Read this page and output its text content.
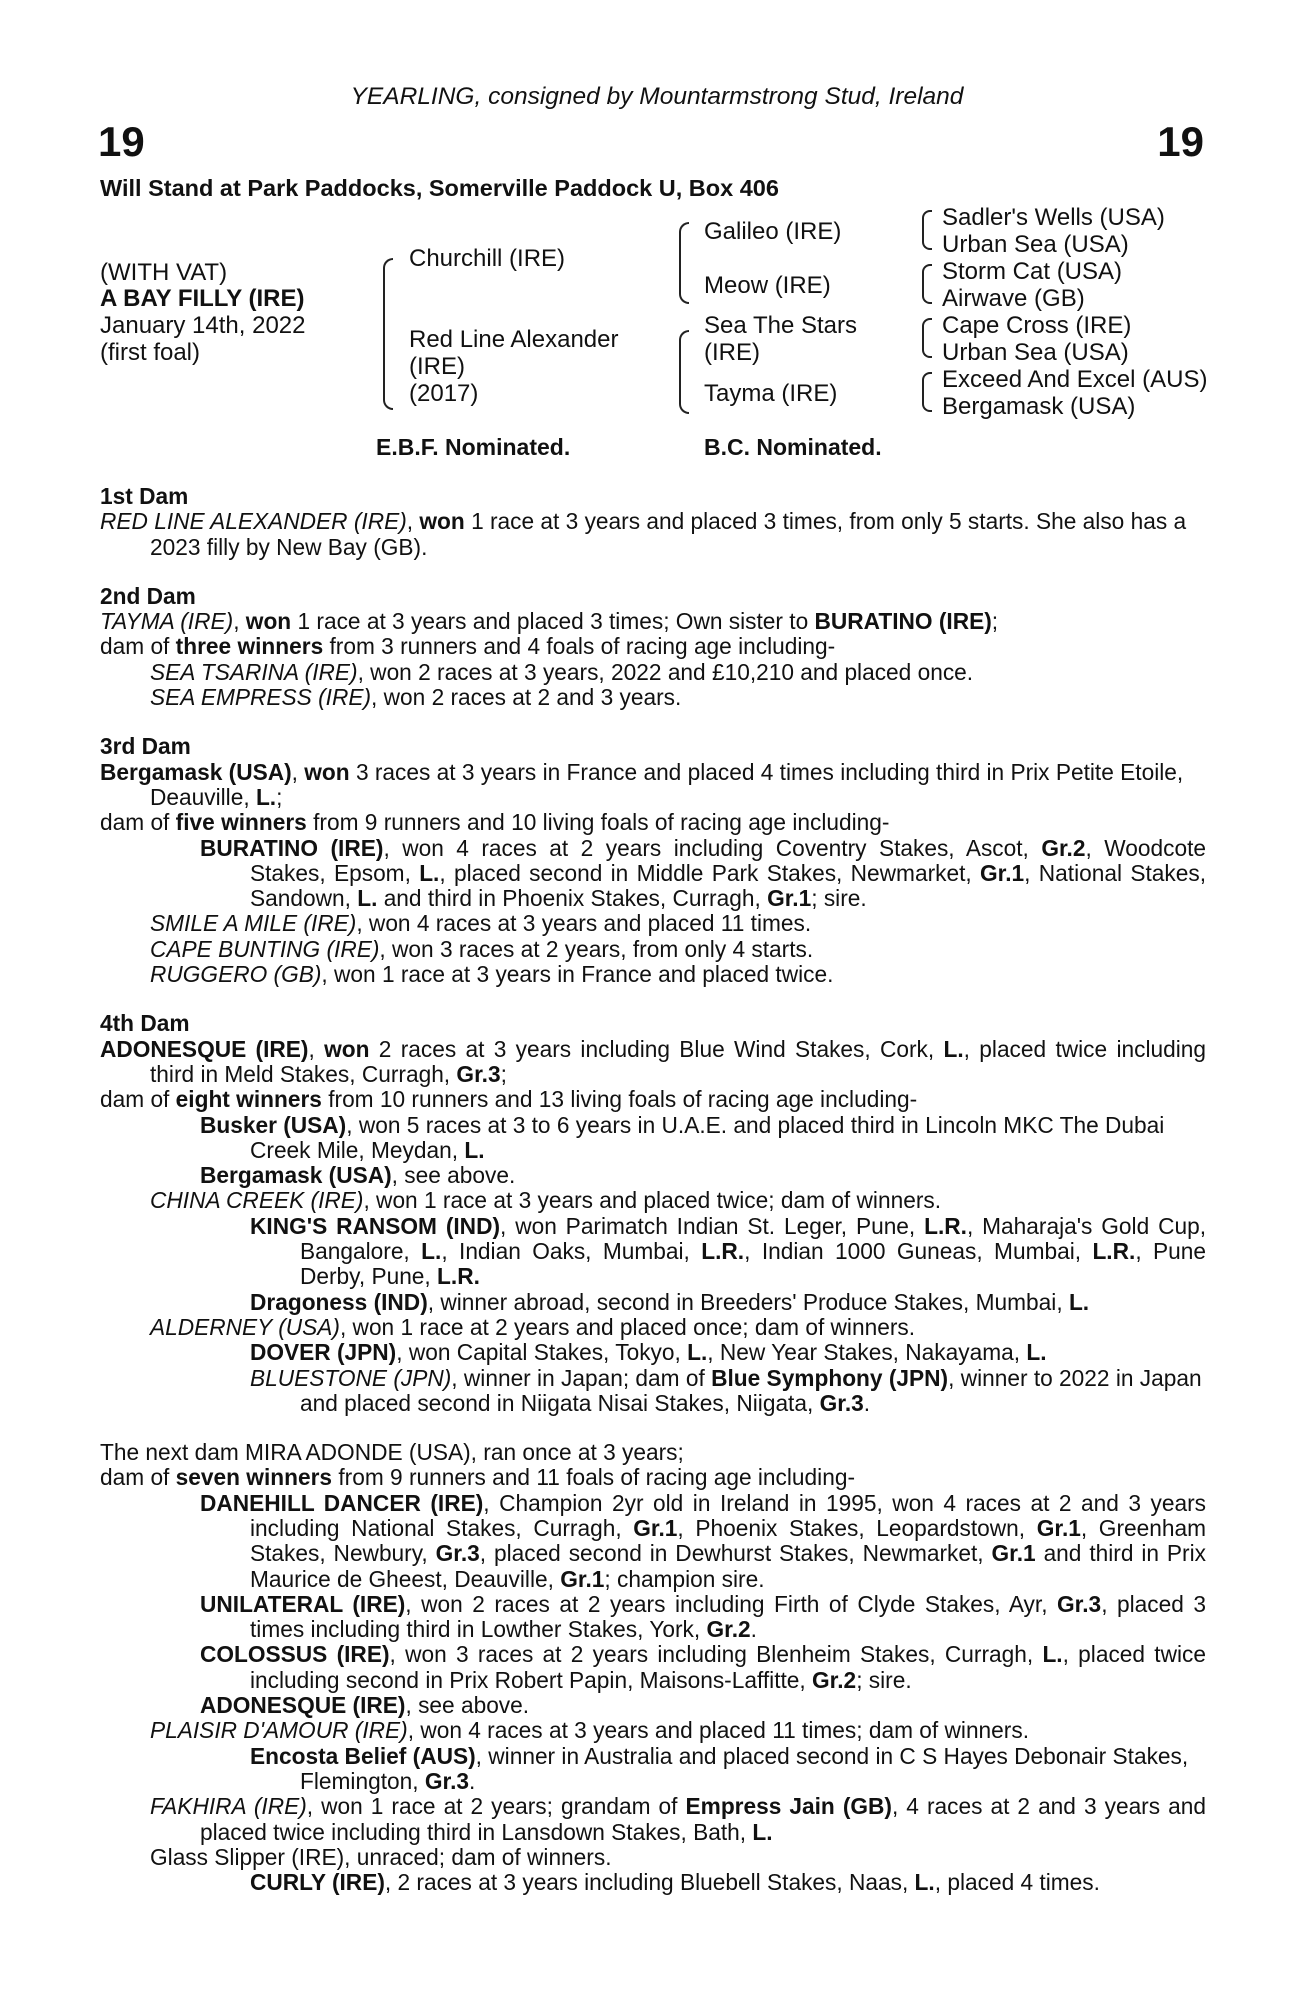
YEARLING, consigned by Mountarmstrong Stud, Ireland
19	19
Will Stand at Park Paddocks, Somerville Paddock U, Box 406
(WITH VAT)
A BAY FILLY (IRE)
January 14th, 2022
(first foal)
Churchill (IRE)
Red Line Alexander
(IRE)
(2017)
Galileo (IRE)
Meow (IRE)
Sea The Stars
(IRE)
Tayma (IRE)
Sadler's Wells (USA)
Urban Sea (USA)
Storm Cat (USA)
Airwave (GB)
Cape Cross (IRE)
Urban Sea (USA)
Exceed And Excel (AUS)
Bergamask (USA)
E.B.F. Nominated.	B.C. Nominated.
1st Dam
RED LINE ALEXANDER (IRE), won 1 race at 3 years and placed 3 times, from only 5 starts. She also has a 2023 filly by New Bay (GB).
2nd Dam
TAYMA (IRE), won 1 race at 3 years and placed 3 times; Own sister to BURATINO (IRE);
dam of three winners from 3 runners and 4 foals of racing age including-
SEA TSARINA (IRE), won 2 races at 3 years, 2022 and £10,210 and placed once.
SEA EMPRESS (IRE), won 2 races at 2 and 3 years.
3rd Dam
Bergamask (USA), won 3 races at 3 years in France and placed 4 times including third in Prix Petite Etoile, Deauville, L.;
dam of five winners from 9 runners and 10 living foals of racing age including-
BURATINO (IRE), won 4 races at 2 years including Coventry Stakes, Ascot, Gr.2, Woodcote Stakes, Epsom, L., placed second in Middle Park Stakes, Newmarket, Gr.1, National Stakes, Sandown, L. and third in Phoenix Stakes, Curragh, Gr.1; sire.
SMILE A MILE (IRE), won 4 races at 3 years and placed 11 times.
CAPE BUNTING (IRE), won 3 races at 2 years, from only 4 starts.
RUGGERO (GB), won 1 race at 3 years in France and placed twice.
4th Dam
ADONESQUE (IRE), won 2 races at 3 years including Blue Wind Stakes, Cork, L., placed twice including third in Meld Stakes, Curragh, Gr.3;
dam of eight winners from 10 runners and 13 living foals of racing age including-
Busker (USA), won 5 races at 3 to 6 years in U.A.E. and placed third in Lincoln MKC The Dubai Creek Mile, Meydan, L.
Bergamask (USA), see above.
CHINA CREEK (IRE), won 1 race at 3 years and placed twice; dam of winners.
KING'S RANSOM (IND), won Parimatch Indian St. Leger, Pune, L.R., Maharaja's Gold Cup, Bangalore, L., Indian Oaks, Mumbai, L.R., Indian 1000 Guneas, Mumbai, L.R., Pune Derby, Pune, L.R.
Dragoness (IND), winner abroad, second in Breeders' Produce Stakes, Mumbai, L.
ALDERNEY (USA), won 1 race at 2 years and placed once; dam of winners.
DOVER (JPN), won Capital Stakes, Tokyo, L., New Year Stakes, Nakayama, L.
BLUESTONE (JPN), winner in Japan; dam of Blue Symphony (JPN), winner to 2022 in Japan and placed second in Niigata Nisai Stakes, Niigata, Gr.3.
The next dam MIRA ADONDE (USA), ran once at 3 years;
dam of seven winners from 9 runners and 11 foals of racing age including-
DANEHILL DANCER (IRE), Champion 2yr old in Ireland in 1995, won 4 races at 2 and 3 years including National Stakes, Curragh, Gr.1, Phoenix Stakes, Leopardstown, Gr.1, Greenham Stakes, Newbury, Gr.3, placed second in Dewhurst Stakes, Newmarket, Gr.1 and third in Prix Maurice de Gheest, Deauville, Gr.1; champion sire.
UNILATERAL (IRE), won 2 races at 2 years including Firth of Clyde Stakes, Ayr, Gr.3, placed 3 times including third in Lowther Stakes, York, Gr.2.
COLOSSUS (IRE), won 3 races at 2 years including Blenheim Stakes, Curragh, L., placed twice including second in Prix Robert Papin, Maisons-Laffitte, Gr.2; sire.
ADONESQUE (IRE), see above.
PLAISIR D'AMOUR (IRE), won 4 races at 3 years and placed 11 times; dam of winners.
Encosta Belief (AUS), winner in Australia and placed second in C S Hayes Debonair Stakes, Flemington, Gr.3.
FAKHIRA (IRE), won 1 race at 2 years; grandam of Empress Jain (GB), 4 races at 2 and 3 years and placed twice including third in Lansdown Stakes, Bath, L.
Glass Slipper (IRE), unraced; dam of winners.
CURLY (IRE), 2 races at 3 years including Bluebell Stakes, Naas, L., placed 4 times.
